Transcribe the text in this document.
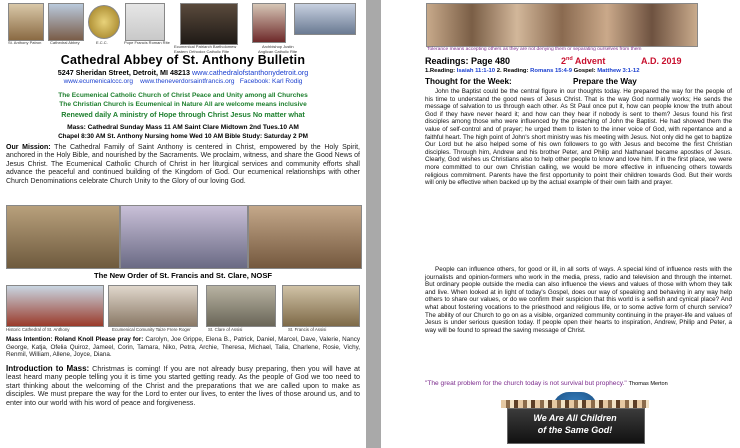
St. Anthony Patron Cathedral Abbey	E.C.C.	Pope Francis Roman Rite
Ecumenical Patriarch Bartholomew
Eastern Orthodox Catholic Rite
Archbishop Justin
Anglican Catholic Rite
Cathedral Abbey of St. Anthony Bulletin
5247 Sheridan Street, Detroit, MI 48213 www.cathedralofstanthonydetroit.org
www.ecumenicalccc.org www.theneverdorsaintfrancis.org Facebook: Karl Rodig
The Ecumenical Catholic Church of Christ Peace and Unity among all Churches
The Christian Church is Ecumenical in Nature All are welcome means inclusive
Renewed daily A ministry of Hope through Christ Jesus No matter what
Mass: Cathedral Sunday Mass 11 AM Saint Clare Midtown 2nd Tues.10 AM
Chapel 8:30 AM St. Anthony Nursing home Wed 10 AM Bible Study: Saturday 2 PM
Our Mission: The Cathedral Family of Saint Anthony is centered in Christ, empowered by the Holy Spirit, anchored in the Holy Bible, and nourished by the Sacraments. We proclaim, witness, and share the Good News of Jesus Christ. The Ecumenical Catholic Church of Christ in her liturgical services and community efforts shall advance the peaceful and continued building of the Kingdom of God. Our ecumenical relationships with other Church Denominations celebrate Church Unity to the Glory of our loving God.
The New Order of St. Francis and St. Clare, NOSF
Historic Cathedral of St. Anthony	Ecumenical Comunity Taize Frere Roger	St. Clare of Assisi	St. Francis of Assisi
Mass Intention: Roland Knoll Please pray for: Carolyn, Joe Grippe, Elena B., Patrick, Daniel, Marcel, Dave, Valerie, Nancy George, Katja, Ofelia Quiroz, Jameel, Corin, Tamara, Niko, Petra, Archie, Theresa, Michael, Talia, Charlene, Rosie, Vichy, Renmil, William, Allene, Joyce, Diana.
Introduction to Mass: Christmas is coming! If you are not already busy preparing, then you will have at least heard many people telling you it is time you started getting ready. As the people of God we too need to start thinking about the welcoming of the Christ and the preparations that we are called upon to make as disciples. We must prepare the way for the Lord to enter our lives, to enter the lives of those around us, and to enter into our world with his word of peace and forgiveness.
Tolerance means accepting others as they are not denying them or separating ourselves from them
Readings: Page 480	2nd Advent	A.D. 2019
1.Reading: Isaiah 11:1-10 2. Reading: Romans 15:4-9 Gospel: Matthew 3:1-12
Thought for the Week:	Prepare the Way
John the Baptist could be the central figure in our thoughts today. He prepared the way for the people of his time to understand the good news of Jesus Christ. That is the way God normally works; He sends the message of salvation to us through each other. As St Paul once put it, how can people know the truth about God if they have never heard it; and how can they hear if nobody is sent to them? Jesus found his first disciples among those who were influenced by the preaching of John the Baptist. He had showed them the value of self-control and of prayer; he urged them to listen to the inner voice of God, with repentance and a faithful heart. The high point of John's short ministry was his meeting with Jesus. Not only did he get to baptize Our Lord but he also helped some of his own followers to go with Jesus and become the first Christian disciples. Through him, Andrew and his brother Peter, and Philip and Nathanael became apostles of Jesus. Clearly, God wishes us Christians also to help other people to know and love him. If in the first place, we were more committed to our own Christian calling, we would be more effective in influencing others towards religious commitment. Parents have the first opportunity to point their children towards God. But their words will only be effective when backed up by the actual example of their own faith and prayer.
People can influence others, for good or ill, in all sorts of ways. A special kind of influence rests with the journalists and opinion-formers who work in the media, press, radio and television and through the internet. But ordinary people outside the media can also influence the views and values of those with whom they talk and live. When looked at in light of today's Gospel, does our way of speaking and behaving in any way help others to share our values, or do we confirm their suspicion that this world is a selfish and cynical place? And what about fostering vocations to the priesthood and religious life, or to some active form of church service? The ability of our Church to go on as a visible, organized community continuing in the prayer-life and values of Jesus is under serious question today. If people open their hearts to inspiration, Andrew, Philip and Peter, a way will be found to spread the saving message of Christ.
"The great problem for the church today is not survival but prophecy." Thomas Merton
We Are All Children
of the Same God!
